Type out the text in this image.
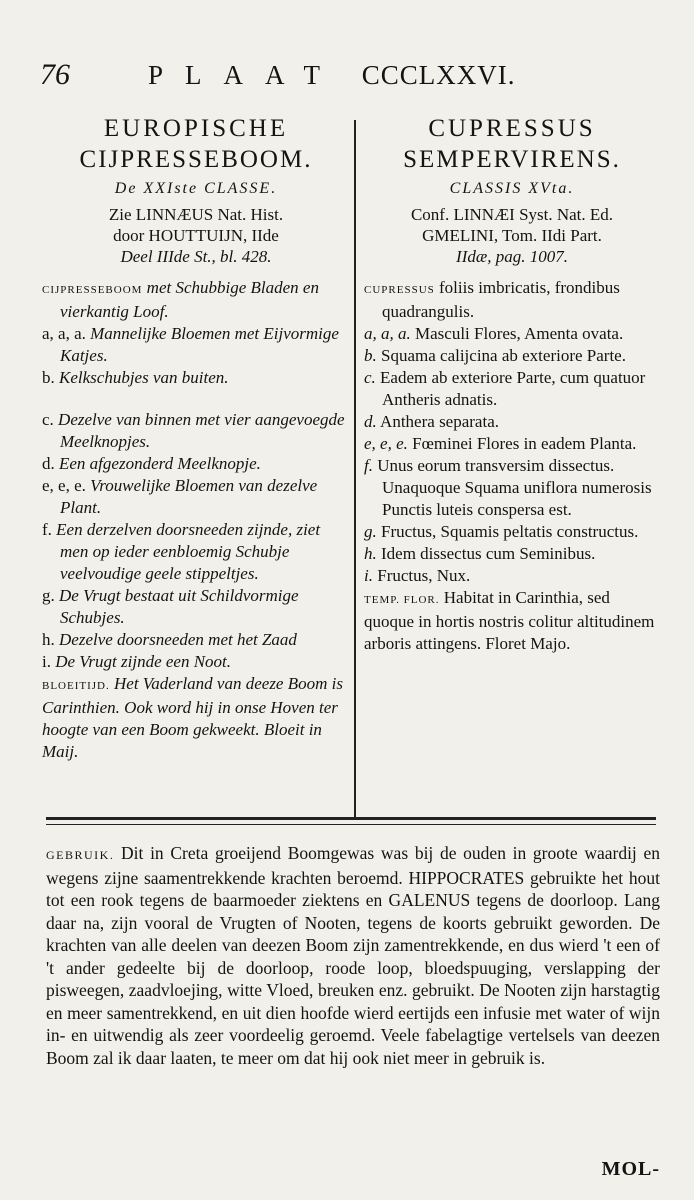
76	PLAAT CCCLXXVI.
EUROPISCHE
CIJPRESSEBOOM.
De XXIste CLASSE.
Zie LINNÆUS Nat. Hist.
door HOUTTUIJN, IIde
Deel IIIde St., bl. 428.

CIJPRESSEBOOM met Schubbige Bladen en vierkantig Loof.

a, a, a. Mannelijke Bloemen met Eijvormige Katjes.

b. Kelkschubjes van buiten.

c. Dezelve van binnen met vier aangevoegde Meelknopjes.

d. Een afgezonderd Meelknopje.

e, e, e. Vrouwelijke Bloemen van dezelve Plant.

f. Een derzelven doorsneeden zijnde, ziet men op ieder eenbloemig Schubje veelvoudige geele stippeltjes.

g. De Vrugt bestaat uit Schildvormige Schubjes.

h. Dezelve doorsneeden met het Zaad

i. De Vrugt zijnde een Noot.

BLOEITIJD. Het Vaderland van deeze Boom is Carinthien. Ook word hij in onse Hoven ter hoogte van een Boom gekweekt. Bloeit in Maij.

CUPRESSUS
SEMPERVIRENS.
CLASSIS XVta.
Conf. LINNÆI Syst. Nat. Ed.
GMELINI, Tom. IIdi Part.
IIdæ, pag. 1007.

CUPRESSUS foliis imbricatis, frondibus quadrangulis.

a, a, a. Masculi Flores, Amenta ovata.

b. Squama calijcina ab exteriore Parte.

c. Eadem ab exteriore Parte, cum quatuor Antheris adnatis.

d. Anthera separata.

e, e, e. Fœminei Flores in eadem Planta.

f. Unus eorum transversim dissectus. Unaquoque Squama uniflora numerosis Punctis luteis conspersa est.

g. Fructus, Squamis peltatis constructus.

h. Idem dissectus cum Seminibus.

i. Fructus, Nux.

TEMP. FLOR. Habitat in Carinthia, sed quoque in hortis nostris colitur altitudinem arboris attingens. Floret Majo.

GEBRUIK. Dit in Creta groeijend Boomgewas was bij de ouden in groote waardij en wegens zijne saamentrekkende krachten beroemd. HIPPOCRATES gebruikte het hout tot een rook tegens de baarmoeder ziektens en GALENUS tegens de doorloop. Lang daar na, zijn vooral de Vrugten of Nooten, tegens de koorts gebruikt geworden. De krachten van alle deelen van deezen Boom zijn zamentrekkende, en dus wierd 't een of 't ander gedeelte bij de doorloop, roode loop, bloedspuuging, verslapping der pisweegen, zaadvloejing, witte Vloed, breuken enz. gebruikt. De Nooten zijn harstagtig en meer samentrekkend, en uit dien hoofde wierd eertijds een infusie met water of wijn in- en uitwendig als zeer voordeelig geroemd. Veele fabelagtige vertelsels van deezen Boom zal ik daar laaten, te meer om dat hij ook niet meer in gebruik is.
MOL-
